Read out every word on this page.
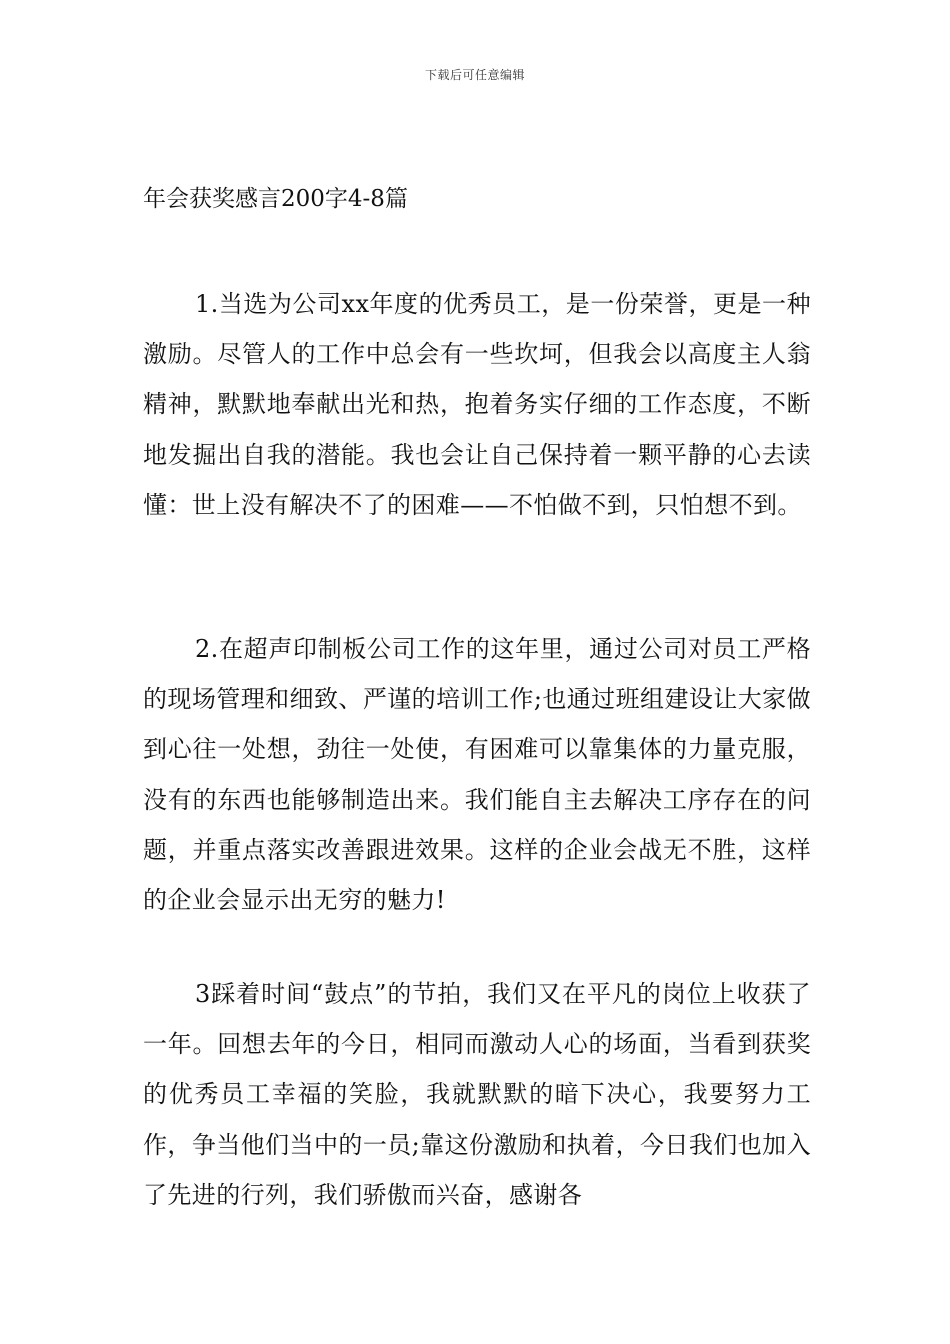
下载后可任意编辑
年会获奖感言200字4-8篇

1.当选为公司xx年度的优秀员工，是一份荣誉，更是一种激励。尽管人的工作中总会有一些坎坷，但我会以高度主人翁精神，默默地奉献出光和热，抱着务实仔细的工作态度，不断地发掘出自我的潜能。我也会让自己保持着一颗平静的心去读懂：世上没有解决不了的困难——不怕做不到，只怕想不到。

2.在超声印制板公司工作的这年里，通过公司对员工严格的现场管理和细致、严谨的培训工作;也通过班组建设让大家做到心往一处想，劲往一处使，有困难可以靠集体的力量克服，没有的东西也能够制造出来。我们能自主去解决工序存在的问题，并重点落实改善跟进效果。这样的企业会战无不胜，这样的企业会显示出无穷的魅力!

3踩着时间“鼓点”的节拍，我们又在平凡的岗位上收获了一年。回想去年的今日，相同而激动人心的场面，当看到获奖的优秀员工幸福的笑脸，我就默默的暗下决心，我要努力工作，争当他们当中的一员;靠这份激励和执着，今日我们也加入了先进的行列，我们骄傲而兴奋，感谢各
